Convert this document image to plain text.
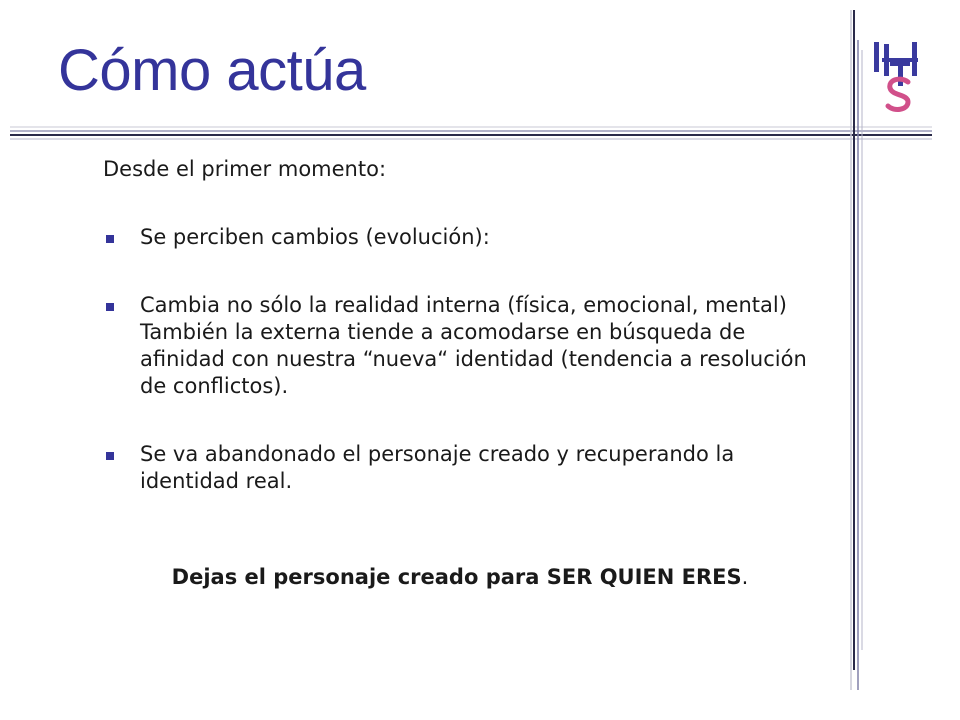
Cómo actúa

Desde el primer momento:

Se perciben cambios (evolución):
Cambia no sólo la realidad interna (física, emocional, mental) También la externa tiende a acomodarse en búsqueda de afinidad con nuestra “nueva“ identidad (tendencia a resolución de conflictos).
Se va abandonado el personaje creado y recuperando la identidad real.

Dejas el personaje creado para SER QUIEN ERES.
